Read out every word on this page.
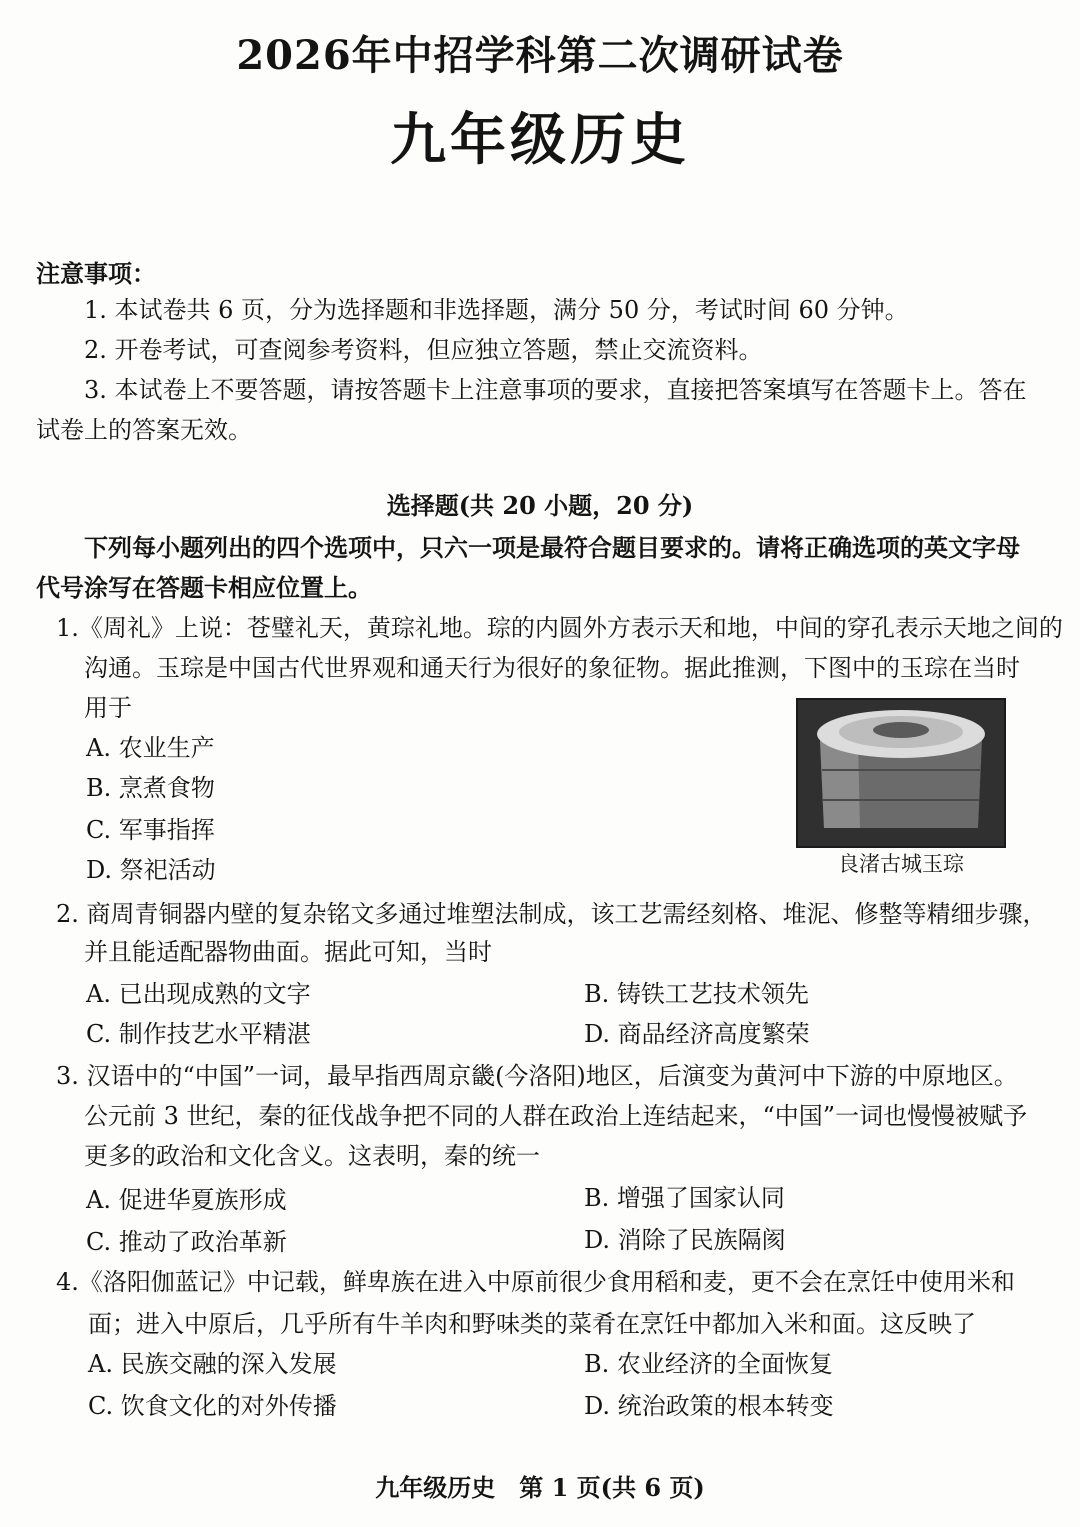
2026年中招学科第二次调研试卷
九年级历史
注意事项：
1. 本试卷共 6 页，分为选择题和非选择题，满分 50 分，考试时间 60 分钟。
2. 开卷考试，可查阅参考资料，但应独立答题，禁止交流资料。
3. 本试卷上不要答题，请按答题卡上注意事项的要求，直接把答案填写在答题卡上。答在
试卷上的答案无效。
选择题(共 20 小题，20 分)
下列每小题列出的四个选项中，只六一项是最符合题目要求的。请将正确选项的英文字母
代号涂写在答题卡相应位置上。
1.《周礼》上说：苍璧礼天，黄琮礼地。琮的内圆外方表示天和地，中间的穿孔表示天地之间的
沟通。玉琮是中国古代世界观和通天行为很好的象征物。据此推测，下图中的玉琮在当时
用于
A. 农业生产
B. 烹煮食物
C. 军事指挥
D. 祭祀活动	良渚古城玉琮
2. 商周青铜器内壁的复杂铭文多通过堆塑法制成，该工艺需经刻格、堆泥、修整等精细步骤，
并且能适配器物曲面。据此可知，当时
A. 已出现成熟的文字	B. 铸铁工艺技术领先
C. 制作技艺水平精湛	D. 商品经济高度繁荣
3. 汉语中的“中国”一词，最早指西周京畿(今洛阳)地区，后演变为黄河中下游的中原地区。
公元前 3 世纪，秦的征伐战争把不同的人群在政治上连结起来，“中国”一词也慢慢被赋予
更多的政治和文化含义。这表明，秦的统一
A. 促进华夏族形成	B. 增强了国家认同
C. 推动了政治革新	D. 消除了民族隔阂
4.《洛阳伽蓝记》中记载，鲜卑族在进入中原前很少食用稻和麦，更不会在烹饪中使用米和
面；进入中原后，几乎所有牛羊肉和野味类的菜肴在烹饪中都加入米和面。这反映了
A. 民族交融的深入发展	B. 农业经济的全面恢复
C. 饮食文化的对外传播	D. 统治政策的根本转变
九年级历史　第 1 页(共 6 页)
